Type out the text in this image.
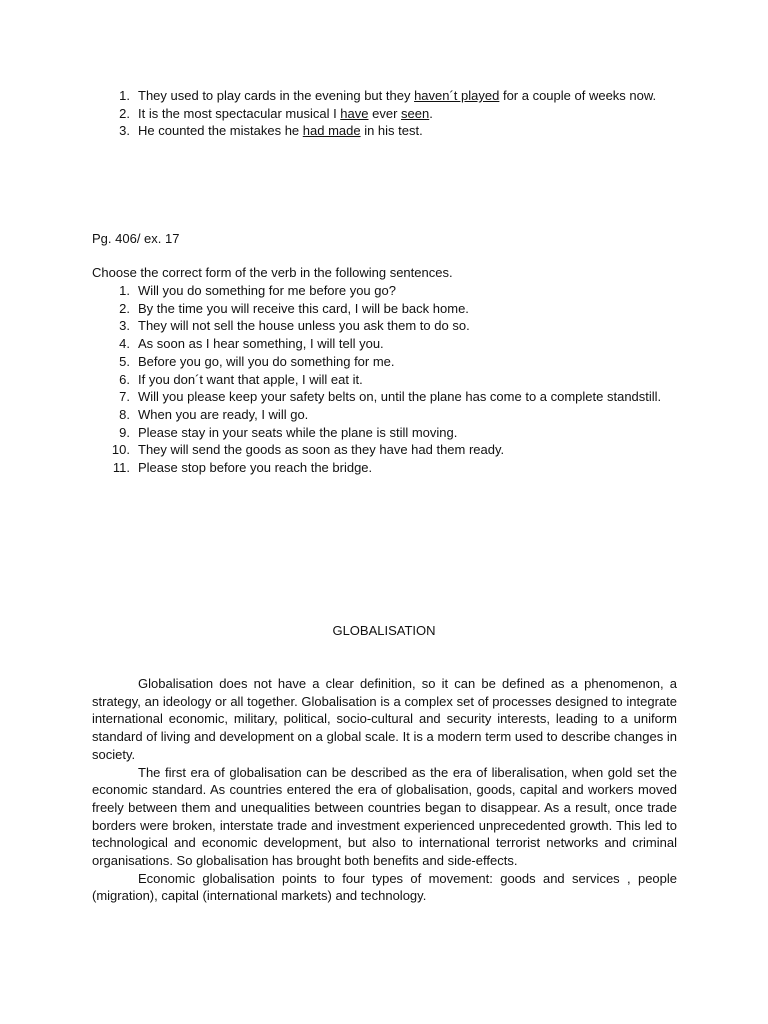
1. They used to play cards in the evening but they haven´t played for a couple of weeks now.
2. It is the most spectacular musical I have ever seen.
3. He counted the mistakes he had made in his test.
Pg. 406/ ex. 17
Choose the correct form of the verb in the following sentences.
1. Will you do something for me before you go?
2. By the time you will receive this card, I will be back home.
3. They will not sell the house unless you ask them to do so.
4. As soon as I hear something, I will tell you.
5. Before you go, will you do something for me.
6. If you don´t want that apple, I will eat it.
7. Will you please keep your safety belts on, until the plane has come to a complete standstill.
8. When you are ready, I will go.
9. Please stay in your seats while the plane is still moving.
10. They will send the goods as soon as they have had them ready.
11. Please stop before you reach the bridge.
GLOBALISATION

Globalisation does not have a clear definition, so it can be defined as a phenomenon, a strategy, an ideology or all together. Globalisation is a complex set of processes designed to integrate international economic, military, political, socio-cultural and security interests, leading to a uniform standard of living and development on a global scale. It is a modern term used to describe changes in society.

The first era of globalisation can be described as the era of liberalisation, when gold set the economic standard. As countries entered the era of globalisation, goods, capital and workers moved freely between them and unequalities between countries began to disappear. As a result, once trade borders were broken, interstate trade and investment experienced unprecedented growth. This led to technological and economic development, but also to international terrorist networks and criminal organisations. So globalisation has brought both benefits and side-effects.

Economic globalisation points to four types of movement: goods and services , people (migration), capital (international markets) and technology.
